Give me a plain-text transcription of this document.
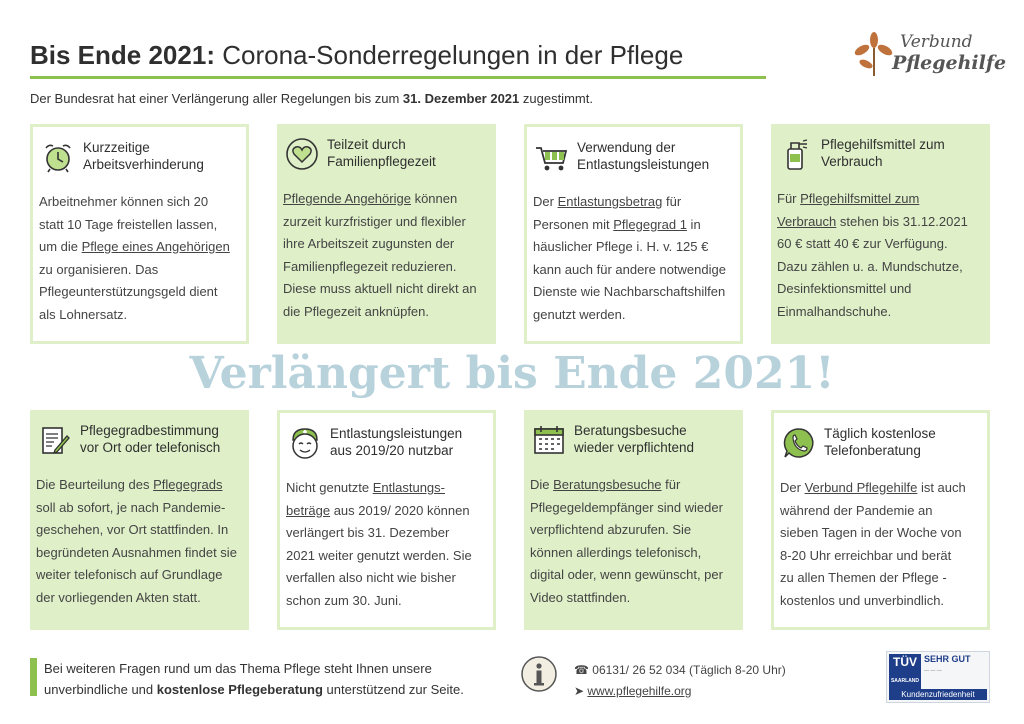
Bis Ende 2021: Corona-Sonderregelungen in der Pflege
Der Bundesrat hat einer Verlängerung aller Regelungen bis zum 31. Dezember 2021 zugestimmt.
Verbund
Pflegehilfe
Kurzzeitige
Arbeitsverhinderung
Arbeitnehmer können sich 20
statt 10 Tage freistellen lassen,
um die Pflege eines Angehörigen
zu organisieren. Das
Pflegeunterstützungsgeld dient
als Lohnersatz.
Teilzeit durch
Familienpflegezeit
Pflegende Angehörige können
zurzeit kurzfristiger und flexibler
ihre Arbeitszeit zugunsten der
Familienpflegezeit reduzieren.
Diese muss aktuell nicht direkt an
die Pflegezeit anknüpfen.
Verwendung der
Entlastungsleistungen
Der Entlastungsbetrag für
Personen mit Pflegegrad 1 in
häuslicher Pflege i. H. v. 125 €
kann auch für andere notwendige
Dienste wie Nachbarschaftshilfen
genutzt werden.
Pflegehilfsmittel zum
Verbrauch
Für Pflegehilfsmittel zum
Verbrauch stehen bis 31.12.2021
60 € statt 40 € zur Verfügung.
Dazu zählen u. a. Mundschutze,
Desinfektionsmittel und
Einmalhandschuhe.
Pflegegradbestimmung
vor Ort oder telefonisch
Die Beurteilung des Pflegegrads
soll ab sofort, je nach Pandemie-
geschehen, vor Ort stattfinden. In
begründeten Ausnahmen findet sie
weiter telefonisch auf Grundlage
der vorliegenden Akten statt.
Entlastungsleistungen
aus 2019/20 nutzbar
Nicht genutzte Entlastungs-
beträge aus 2019/ 2020 können
verlängert bis 31. Dezember
2021 weiter genutzt werden. Sie
verfallen also nicht wie bisher
schon zum 30. Juni.
Beratungsbesuche
wieder verpflichtend
Die Beratungsbesuche für
Pflegegeldempfänger sind wieder
verpflichtend abzurufen. Sie
können allerdings telefonisch,
digital oder, wenn gewünscht, per
Video stattfinden.
Täglich kostenlose
Telefonberatung
Der Verbund Pflegehilfe ist auch
während der Pandemie an
sieben Tagen in der Woche von
8-20 Uhr erreichbar und berät
zu allen Themen der Pflege -
kostenlos und unverbindlich.
Verlängert bis Ende 2021!
Bei weiteren Fragen rund um das Thema Pflege steht Ihnen unsere
unverbindliche und kostenlose Pflegeberatung unterstützend zur Seite.
☎ 06131/ 26 52 034 (Täglich 8-20 Uhr)
➤ www.pflegehilfe.org
TÜV
SAARLAND
SEHR GUT
— — —
Kundenzufriedenheit
